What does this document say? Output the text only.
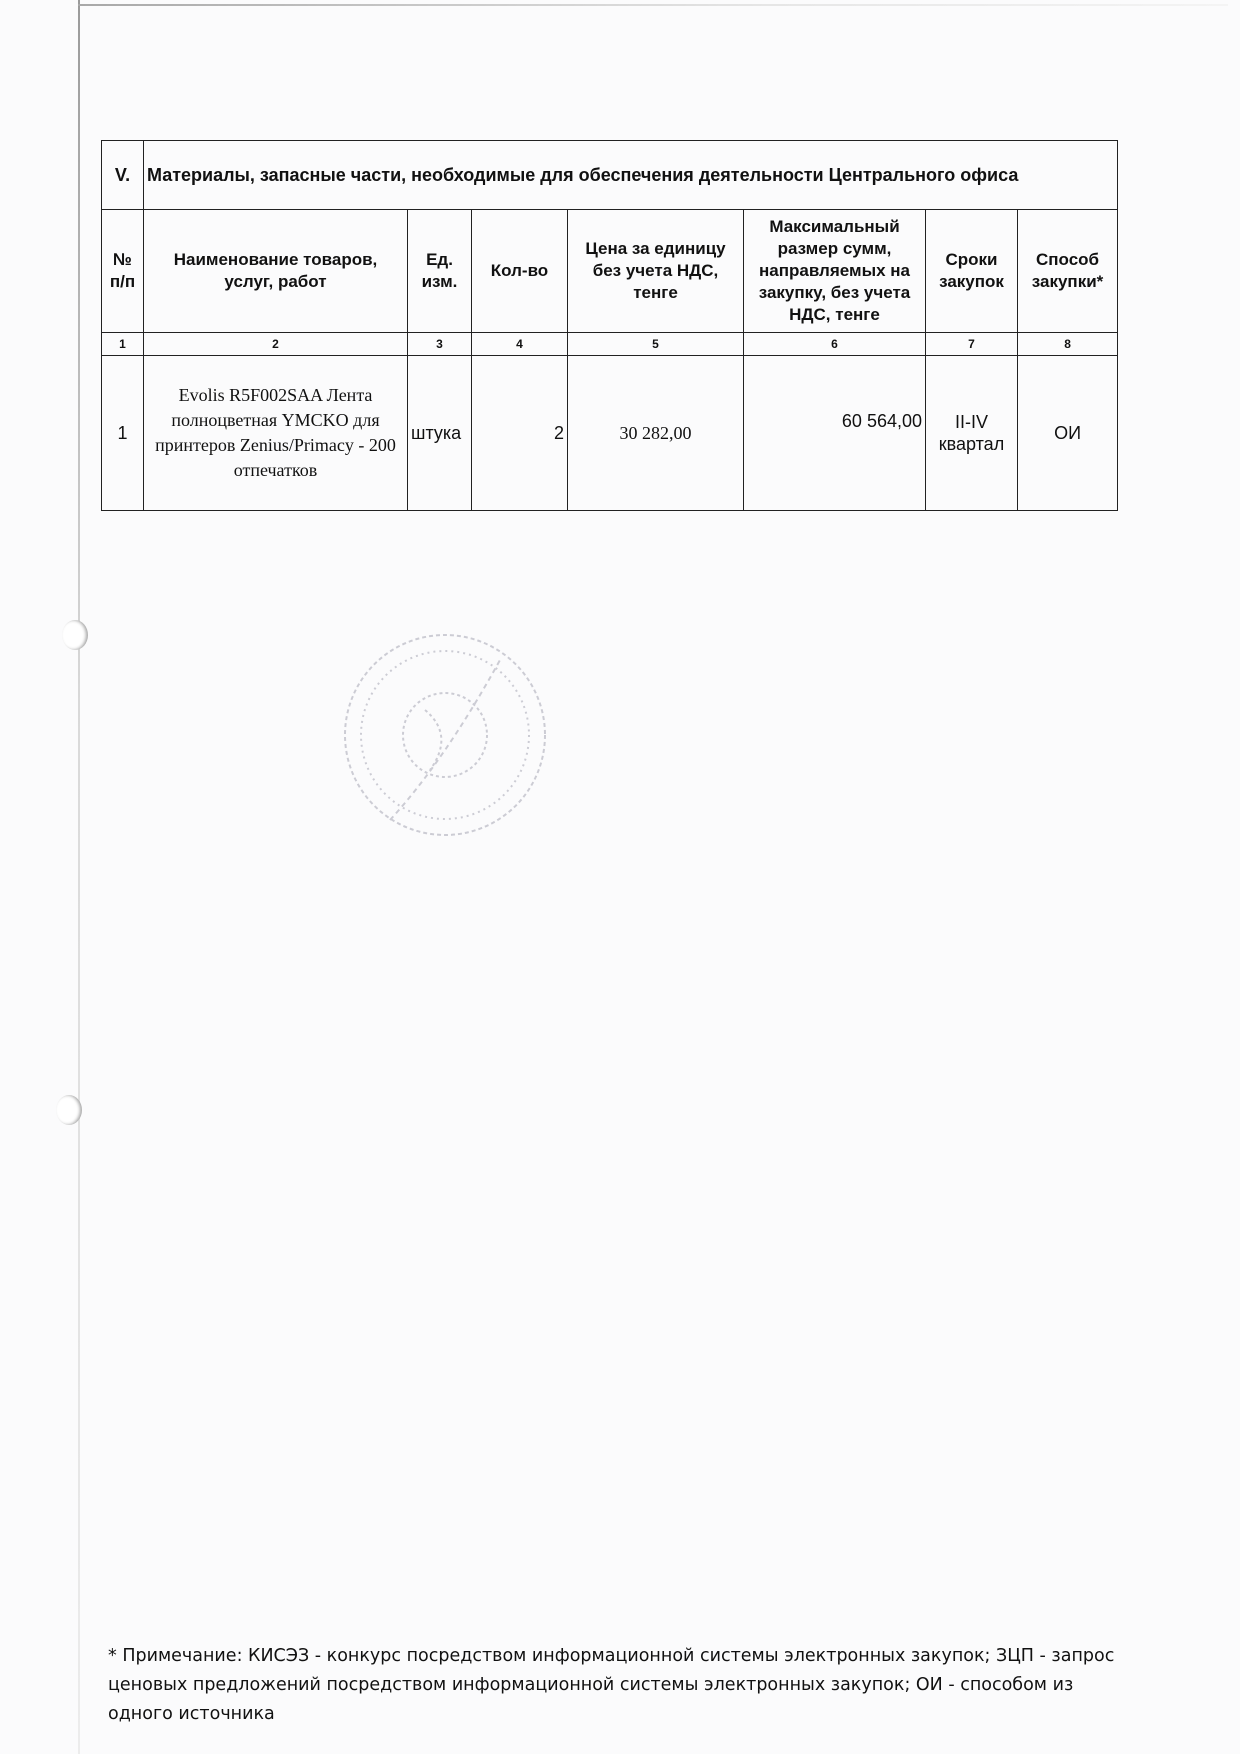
V.	Материалы, запасные части, необходимые для обеспечения деятельности Центрального офиса						
№ п/п	Наименование товаров, услуг, работ	Ед. изм.	Кол-во	Цена за единицу без учета НДС, тенге	Максимальный размер сумм, направляемых на закупку, без учета НДС, тенге	Сроки закупок	Способ закупки*
1	2	3	4	5	6	7	8
1	Evolis R5F002SAA Лента полноцветная YMCKO для принтеров Zenius/Primacy - 200 отпечатков	штука	2	30 282,00	60 564,00	II-IV квартал	ОИ
* Примечание: КИСЭЗ - конкурс посредством информационной системы электронных закупок; ЗЦП - запрос ценовых предложений посредством информационной системы электронных закупок; ОИ - способом из одного источника
